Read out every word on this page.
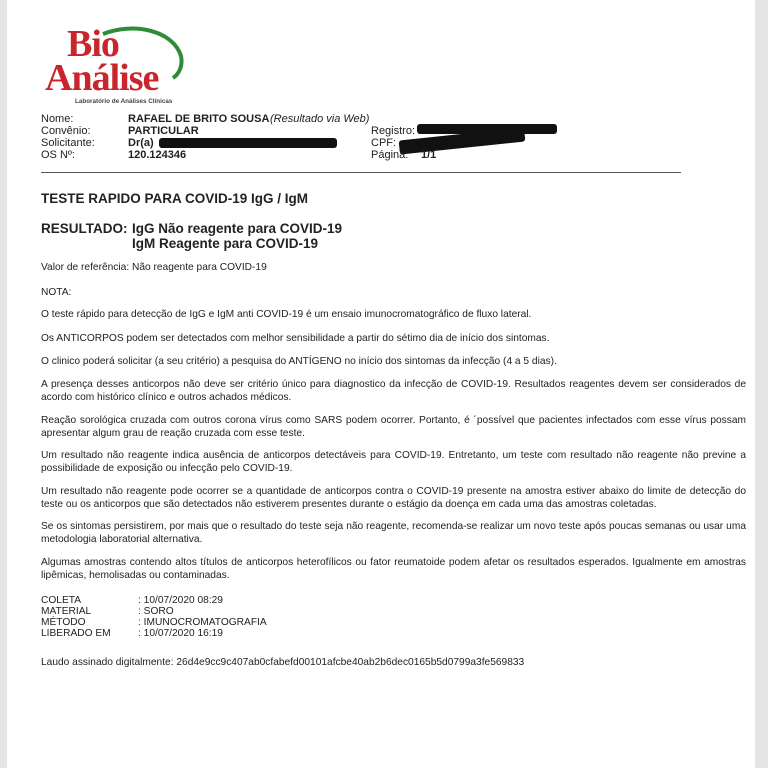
Bio
Análise
Laboratório de Análises Clínicas
Nome:	RAFAEL DE BRITO SOUSA (Resultado via Web)
Convênio:	PARTICULAR
Solicitante:	Dr(a)
OS Nº:	120.124346
Registro:
CPF:
Página: 1/1
TESTE RAPIDO PARA COVID-19 IgG / IgM
RESULTADO: IgG Não reagente para COVID-19
IgM Reagente para COVID-19
Valor de referência: Não reagente para COVID-19
NOTA:
O teste rápido para detecção de IgG e IgM anti COVID-19 é um ensaio imunocromatográfico de fluxo lateral.
Os ANTICORPOS podem ser detectados com melhor sensibilidade a partir do sétimo dia de início dos sintomas.
O clinico poderá solicitar (a seu critério) a pesquisa do ANTÍGENO no início dos sintomas da infecção (4 a 5 dias).
A presença desses anticorpos não deve ser critério único para diagnostico da infecção de COVID-19. Resultados reagentes devem ser considerados de acordo com histórico clínico e outros achados médicos.
Reação sorológica cruzada com outros corona vírus como SARS podem ocorrer. Portanto, é ´possível que pacientes infectados com esse vírus possam apresentar algum grau de reação cruzada com esse teste.
Um resultado não reagente indica ausência de anticorpos detectáveis para COVID-19. Entretanto, um teste com resultado não reagente não previne a possibilidade de exposição ou infecção pelo COVID-19.
Um resultado não reagente pode ocorrer se a quantidade de anticorpos contra o COVID-19 presente na amostra estiver abaixo do limite de detecção do teste ou os anticorpos que são detectados não estiverem presentes durante o estágio da doença em cada uma das amostras coletadas.
Se os sintomas persistirem, por mais que o resultado do teste seja não reagente, recomenda-se realizar um novo teste após poucas semanas ou usar uma metodologia laboratorial alternativa.
Algumas amostras contendo altos títulos de anticorpos heterofílicos ou fator reumatoide podem afetar os resultados esperados. Igualmente em amostras lipêmicas, hemolisadas ou contaminadas.
COLETA	: 10/07/2020 08:29
MATERIAL	: SORO
MÉTODO	: IMUNOCROMATOGRAFIA
LIBERADO EM	: 10/07/2020 16:19
Laudo assinado digitalmente: 26d4e9cc9c407ab0cfabefd00101afcbe40ab2b6dec0165b5d0799a3fe569833
